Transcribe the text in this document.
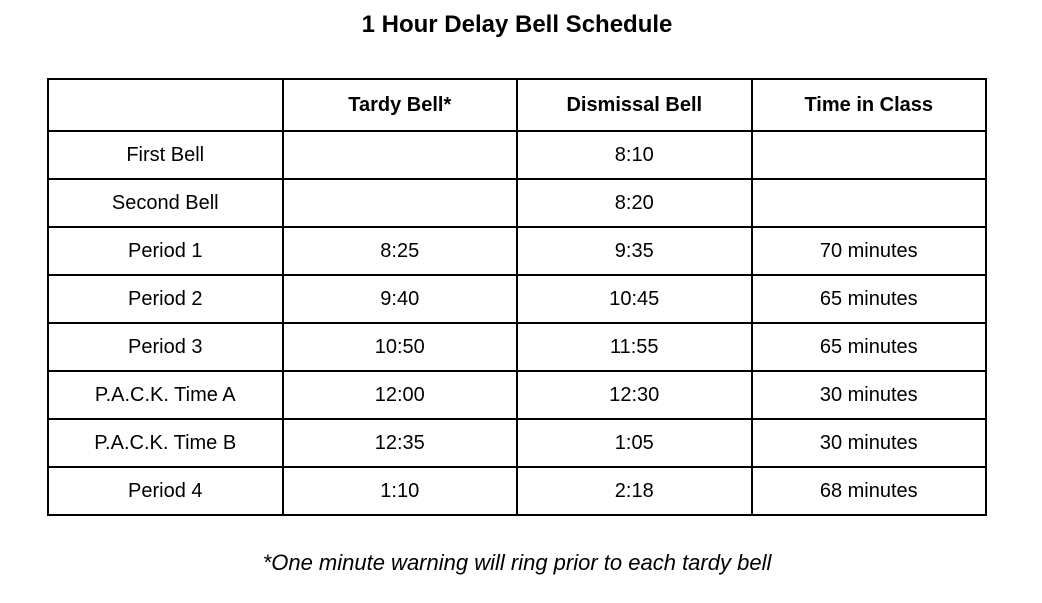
1 Hour Delay Bell Schedule
	Tardy Bell*	Dismissal Bell	Time in Class
First Bell		8:10	
Second Bell		8:20	
Period 1	8:25	9:35	70 minutes
Period 2	9:40	10:45	65 minutes
Period 3	10:50	11:55	65 minutes
P.A.C.K. Time A	12:00	12:30	30 minutes
P.A.C.K. Time B	12:35	1:05	30 minutes
Period 4	1:10	2:18	68 minutes
*One minute warning will ring prior to each tardy bell
